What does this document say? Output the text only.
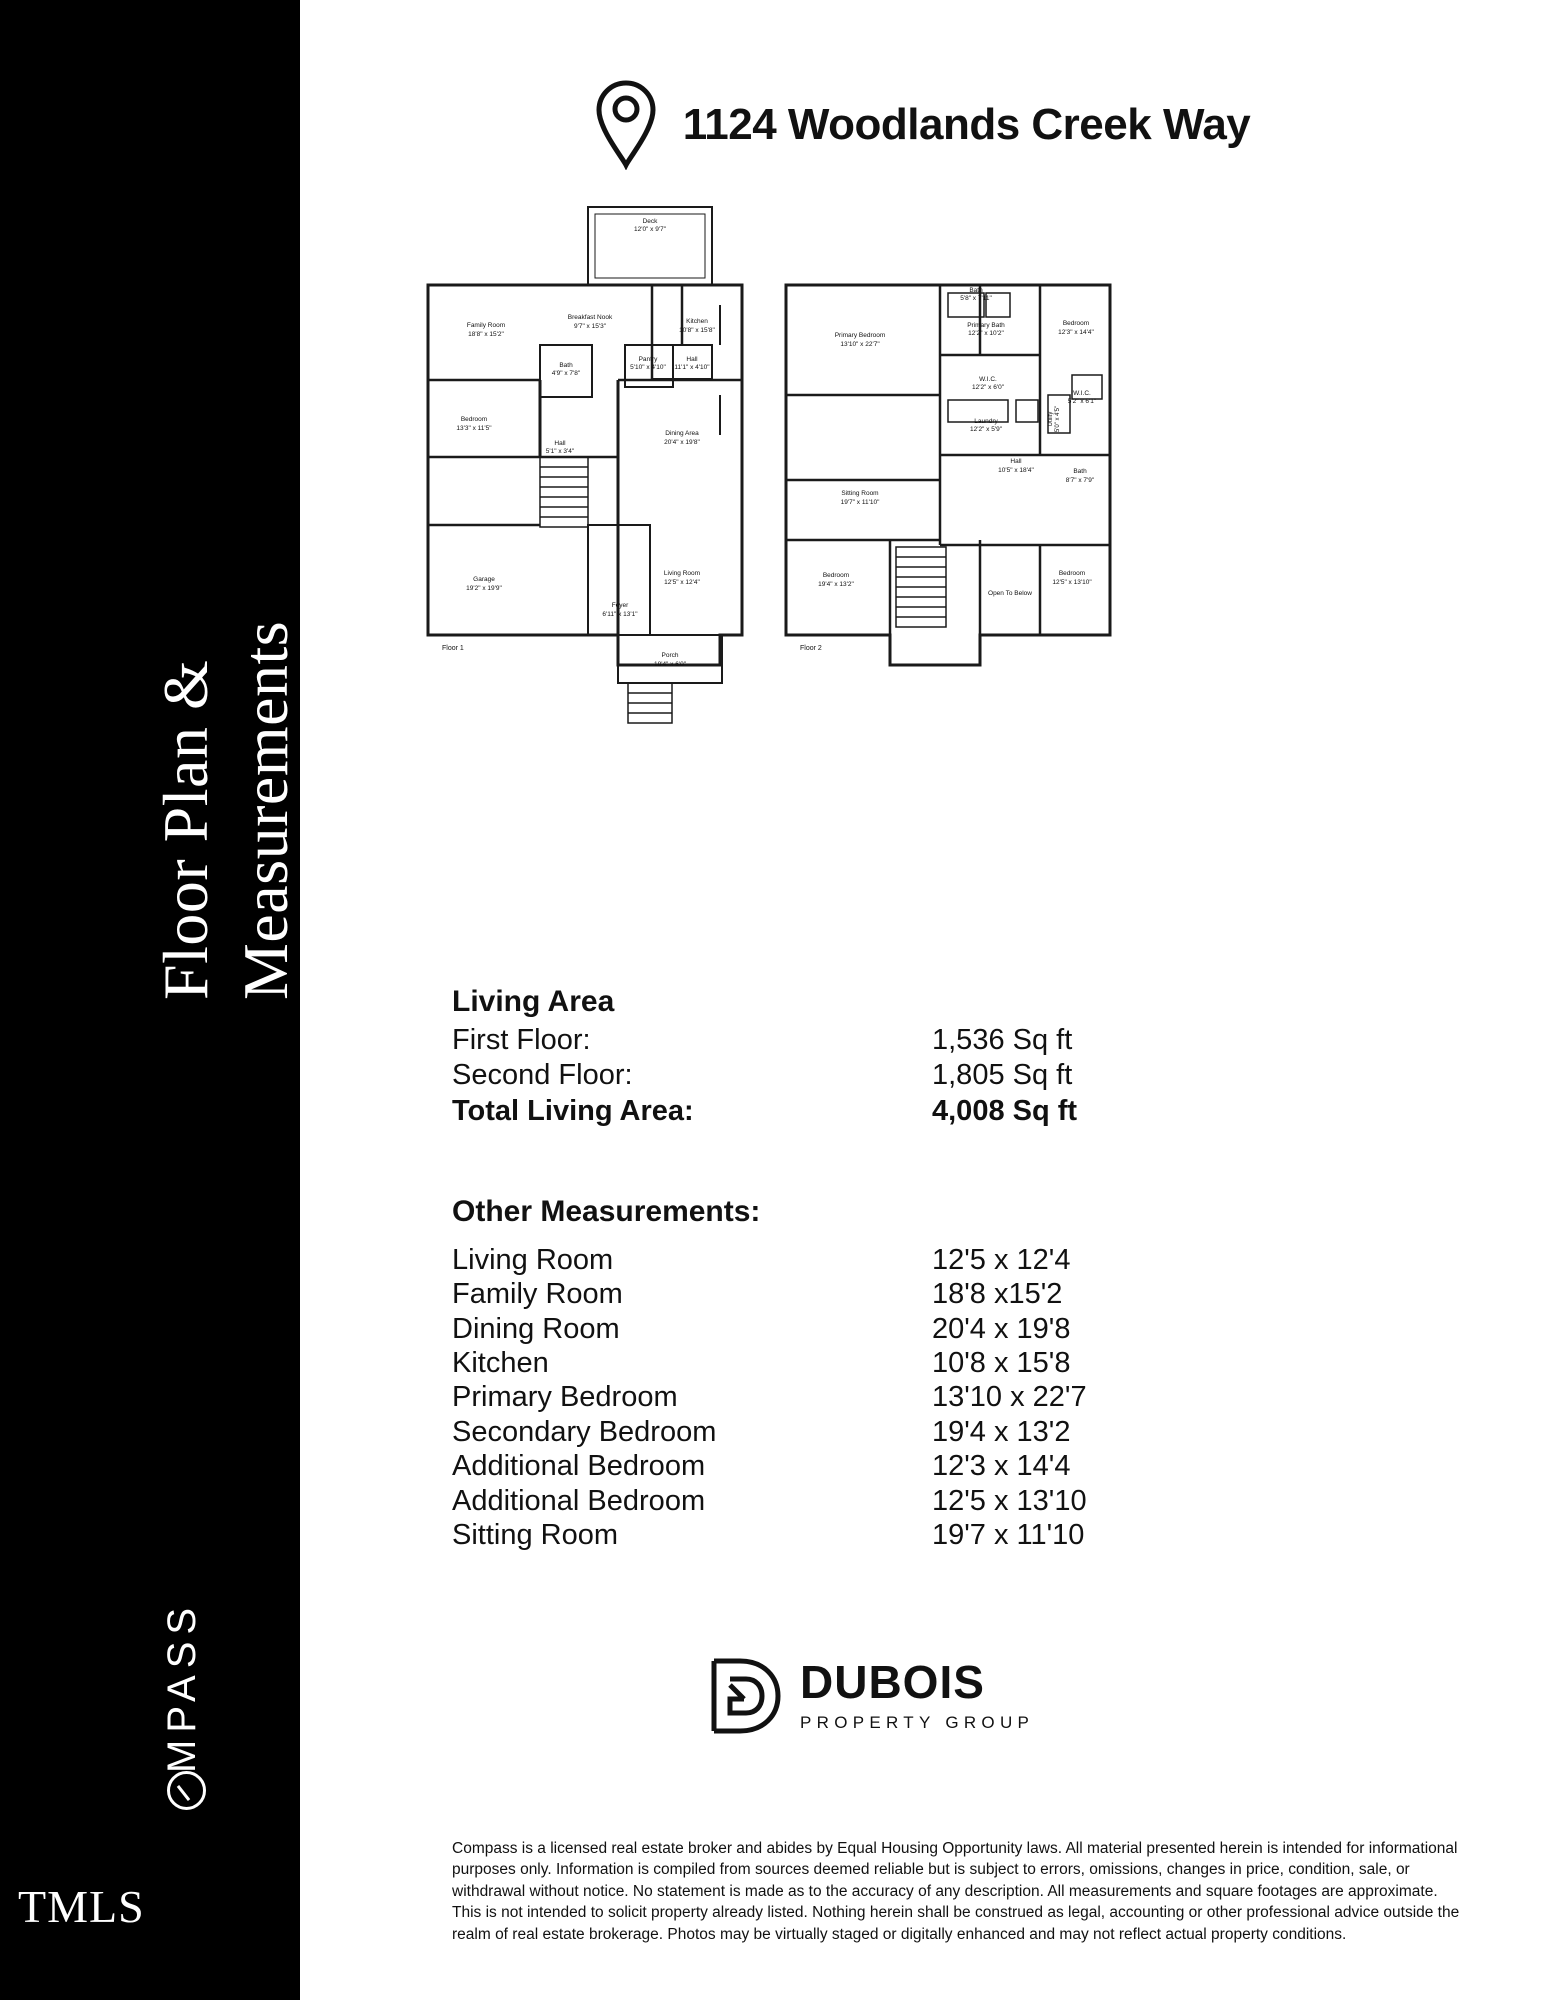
Floor Plan & Measurements
MPASS
TMLS
1124 Woodlands Creek Way
Deck
12'0" x 9'7"
Family Room
18'8" x 15'2"
Breakfast Nook
9'7" x 15'3"
Kitchen
10'8" x 15'8"
Bedroom
13'3" x 11'5"
Bath
4'9" x 7'8"
Pantry
5'10" x 4'10"
Hall
11'1" x 4'10"
Hall
5'1" x 3'4"
Dining Area
20'4" x 19'8"
Garage
19'2" x 19'9"
Living Room
12'5" x 12'4"
Foyer
6'11" x 13'1"
Porch
18'4" x 6'0"
Floor 1
Bath
5'8" x 7'11"
Primary Bath
12'2" x 10'2"
Bedroom
12'3" x 14'4"
Primary Bedroom
13'10" x 22'7"
W.I.C.
12'2" x 6'0"
W.I.C.
5'2" x 6'1"
Laundry
12'2" x 5'9"
Hall
10'5" x 18'4"	Bath
8'7" x 7'9"
Sitting Room
19'7" x 11'10"
Bedroom
19'4" x 13'2"
Bedroom
12'5" x 13'10"
Open To Below
Floor 2
Utility 5'0" x 4'5"
Living Area
First Floor:	1,536 Sq ft
Second Floor:	1,805 Sq ft
Total Living Area:	4,008 Sq ft
Other Measurements:
Living Room	12'5 x 12'4
Family Room	18'8 x15'2
Dining Room	20'4 x 19'8
Kitchen	10'8 x 15'8
Primary Bedroom	13'10 x 22'7
Secondary Bedroom	19'4 x 13'2
Additional Bedroom	12'3 x 14'4
Additional Bedroom	12'5 x 13'10
Sitting Room	19'7 x 11'10
DUBOIS
PROPERTY GROUP
Compass is a licensed real estate broker and abides by Equal Housing Opportunity laws. All material presented herein is intended for informational purposes only. Information is compiled from sources deemed reliable but is subject to errors, omissions, changes in price, condition, sale, or withdrawal without notice. No statement is made as to the accuracy of any description. All measurements and square footages are approximate. This is not intended to solicit property already listed. Nothing herein shall be construed as legal, accounting or other professional advice outside the realm of real estate brokerage. Photos may be virtually staged or digitally enhanced and may not reflect actual property conditions.
